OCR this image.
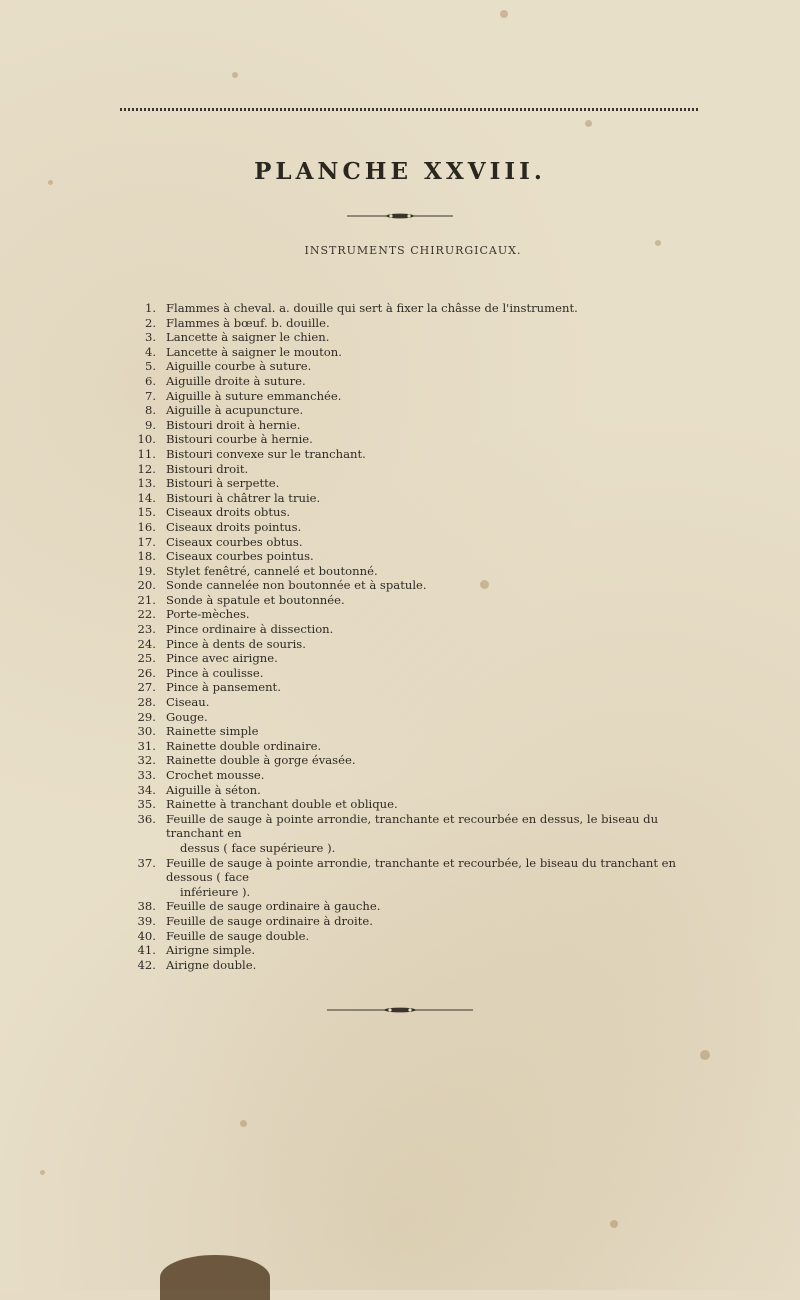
PLANCHE XXVIII.
INSTRUMENTS CHIRURGICAUX.
1. Flammes à cheval. a. douille qui sert à fixer la châsse de l'instrument.
2. Flammes à bœuf. b. douille.
3. Lancette à saigner le chien.
4. Lancette à saigner le mouton.
5. Aiguille courbe à suture.
6. Aiguille droite à suture.
7. Aiguille à suture emmanchée.
8. Aiguille à acupuncture.
9. Bistouri droit à hernie.
10. Bistouri courbe à hernie.
11. Bistouri convexe sur le tranchant.
12. Bistouri droit.
13. Bistouri à serpette.
14. Bistouri à châtrer la truie.
15. Ciseaux droits obtus.
16. Ciseaux droits pointus.
17. Ciseaux courbes obtus.
18. Ciseaux courbes pointus.
19. Stylet fenêtré, cannelé et boutonné.
20. Sonde cannelée non boutonnée et à spatule.
21. Sonde à spatule et boutonnée.
22. Porte-mèches.
23. Pince ordinaire à dissection.
24. Pince à dents de souris.
25. Pince avec airigne.
26. Pince à coulisse.
27. Pince à pansement.
28. Ciseau.
29. Gouge.
30. Rainette simple
31. Rainette double ordinaire.
32. Rainette double à gorge évasée.
33. Crochet mousse.
34. Aiguille à séton.
35. Rainette à tranchant double et oblique.
36. Feuille de sauge à pointe arrondie, tranchante et recourbée en dessus, le biseau du tranchant en
dessus ( face supérieure ).
37. Feuille de sauge à pointe arrondie, tranchante et recourbée, le biseau du tranchant en dessous ( face
inférieure ).
38. Feuille de sauge ordinaire à gauche.
39. Feuille de sauge ordinaire à droite.
40. Feuille de sauge double.
41. Airigne simple.
42. Airigne double.
